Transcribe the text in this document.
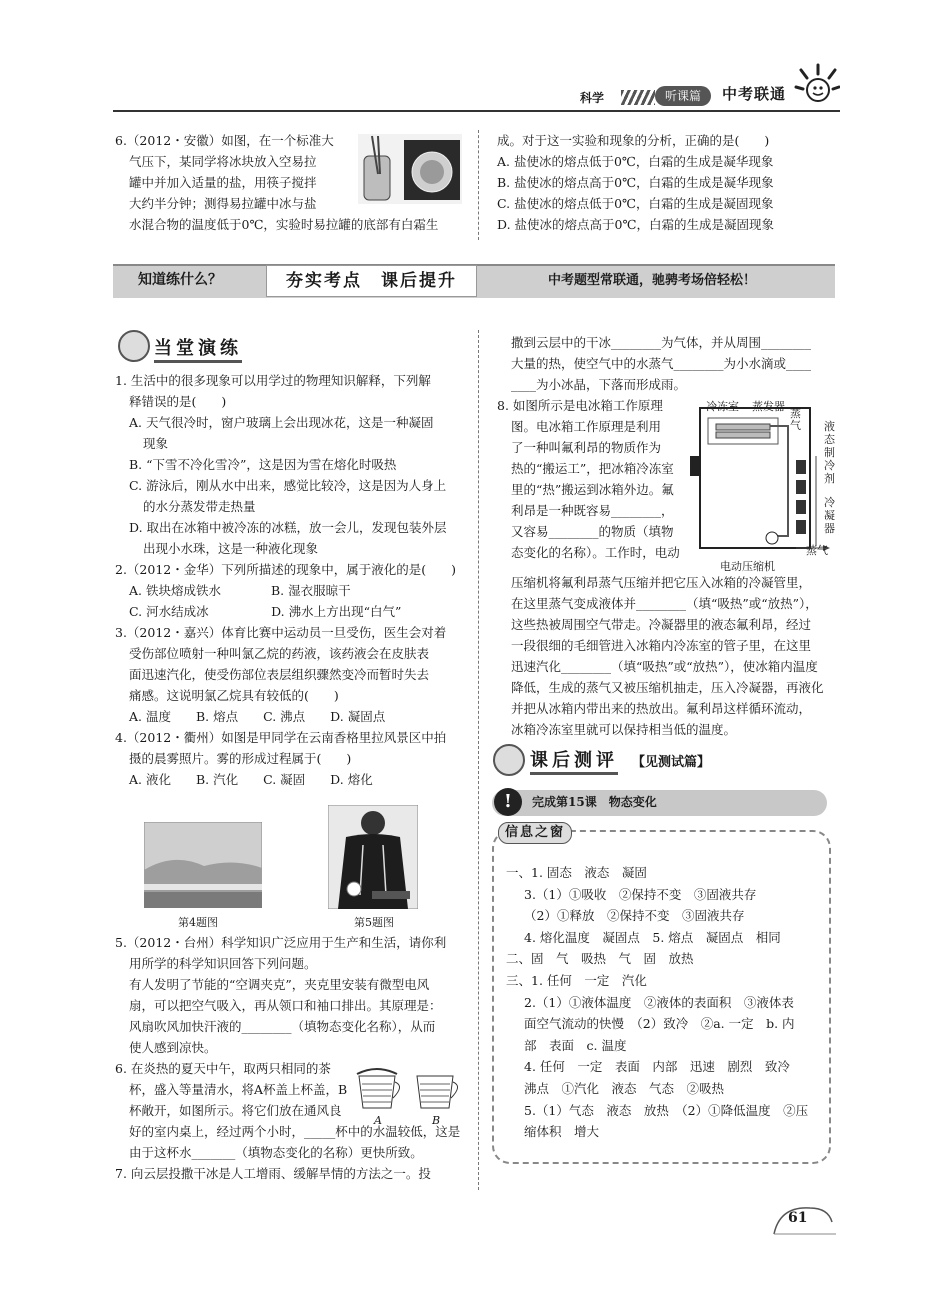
科学	听课篇	中考联通

6.（2012・安徽）如图，在一个标准大

气压下，某同学将冰块放入空易拉

罐中并加入适量的盐，用筷子搅拌

大约半分钟；测得易拉罐中冰与盐

水混合物的温度低于0℃，实验时易拉罐的底部有白霜生

成。对于这一实验和现象的分析，正确的是(　　)

A. 盐使冰的熔点低于0℃，白霜的生成是凝华现象

B. 盐使冰的熔点高于0℃，白霜的生成是凝华现象

C. 盐使冰的熔点低于0℃，白霜的生成是凝固现象

D. 盐使冰的熔点高于0℃，白霜的生成是凝固现象

知道练什么？	夯实考点　课后提升	中考题型常联通，驰骋考场倍轻松！
当堂演练

1. 生活中的很多现象可以用学过的物理知识解释，下列解

释错误的是(　　)

A. 天气很冷时，窗户玻璃上会出现冰花，这是一种凝固

现象

B. “下雪不冷化雪冷”，这是因为雪在熔化时吸热

C. 游泳后，刚从水中出来，感觉比较冷，这是因为人身上

的水分蒸发带走热量

D. 取出在冰箱中被冷冻的冰糕，放一会儿，发现包装外层

出现小水珠，这是一种液化现象

2.（2012・金华）下列所描述的现象中，属于液化的是(　　)

A. 铁块熔成铁水　　　　B. 湿衣服晾干

C. 河水结成冰　　　　　D. 沸水上方出现“白气”

3.（2012・嘉兴）体育比赛中运动员一旦受伤，医生会对着

受伤部位喷射一种叫氯乙烷的药液，该药液会在皮肤表

面迅速汽化，使受伤部位表层组织骤然变冷而暂时失去

痛感。这说明氯乙烷具有较低的(　　)

A. 温度　　B. 熔点　　C. 沸点　　D. 凝固点

4.（2012・衢州）如图是甲同学在云南香格里拉风景区中拍

摄的晨雾照片。雾的形成过程属于(　　)

A. 液化　　B. 汽化　　C. 凝固　　D. 熔化

第4题图	第5题图

5.（2012・台州）科学知识广泛应用于生产和生活，请你利

用所学的科学知识回答下列问题。

有人发明了节能的“空调夹克”，夹克里安装有微型电风

扇，可以把空气吸入，再从领口和袖口排出。其原理是：

风扇吹风加快汗液的________（填物态变化名称），从而

使人感到凉快。

6. 在炎热的夏天中午，取两只相同的茶

杯，盛入等量清水，将A杯盖上杯盖，B

杯敞开，如图所示。将它们放在通风良

好的室内桌上，经过两个小时，_____杯中的水温较低，这是

由于这杯水_______（填物态变化的名称）更快所致。

7. 向云层投撒干冰是人工增雨、缓解旱情的方法之一。投

A	B

撒到云层中的干冰________为气体，并从周围________

大量的热，使空气中的水蒸气________为小水滴或____

____为小冰晶，下落而形成雨。

8. 如图所示是电冰箱工作原理

图。电冰箱工作原理是利用

了一种叫氟利昂的物质作为

热的“搬运工”，把冰箱冷冻室

里的“热”搬运到冰箱外边。氟

利昂是一种既容易________，

又容易________的物质（填物

态变化的名称）。工作时，电动

冷冻室 蒸发器
蒸气 液态制冷剂
冷凝器
蒸气
电动压缩机

压缩机将氟利昂蒸气压缩并把它压入冰箱的冷凝管里，

在这里蒸气变成液体并________（填“吸热”或“放热”），

这些热被周围空气带走。冷凝器里的液态氟利昂，经过

一段很细的毛细管进入冰箱内冷冻室的管子里，在这里

迅速汽化________（填“吸热”或“放热”），使冰箱内温度

降低，生成的蒸气又被压缩机抽走，压入冷凝器，再液化

并把从冰箱内带出来的热放出。氟利昂这样循环流动，

冰箱冷冻室里就可以保持相当低的温度。

课后测评 【见测试篇】
!	完成第15课　物态变化
信息之窗

一、1. 固态　液态　凝固

3.（1）①吸收　②保持不变　③固液共存

（2）①释放　②保持不变　③固液共存

4. 熔化温度　凝固点　5. 熔点　凝固点　相同

二、固　气　吸热　气　固　放热

三、1. 任何　一定　汽化

2.（1）①液体温度　②液体的表面积　③液体表

面空气流动的快慢　（2）致冷　②a. 一定　b. 内

部　表面　c. 温度

4. 任何　一定　表面　内部　迅速　剧烈　致冷

沸点　①汽化　液态　气态　②吸热

5.（1）气态　液态　放热　（2）①降低温度　②压

缩体积　增大

61
